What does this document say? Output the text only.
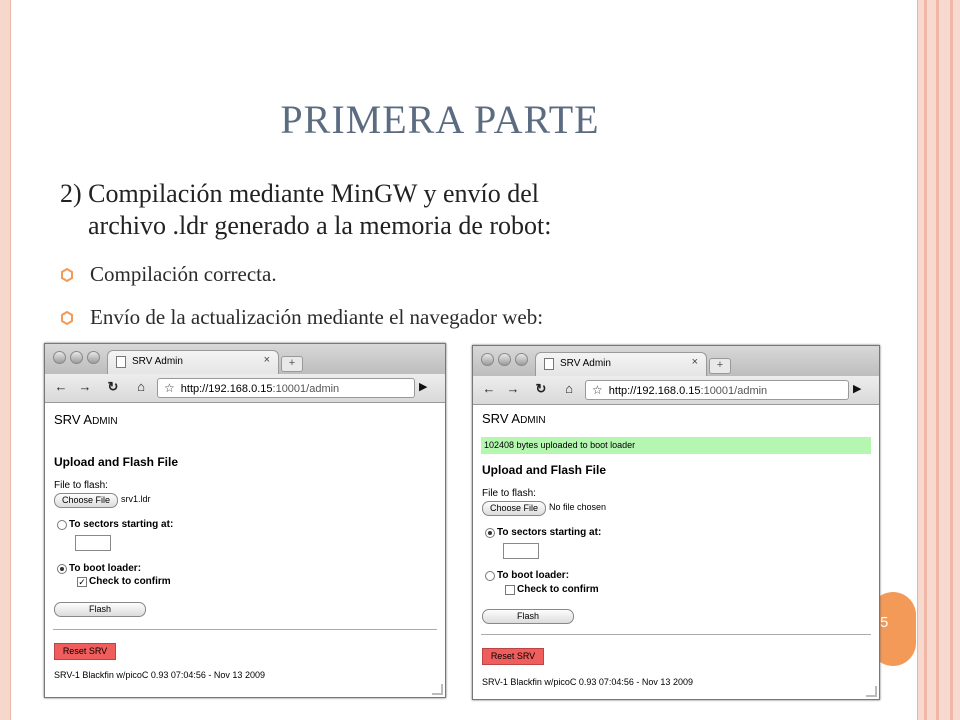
PRIMERA PARTE
2) Compilación mediante MinGW y envío del
archivo .ldr generado a la memoria de robot:
Compilación correcta.
Envío de la actualización mediante el navegador web:
5
SRV Admin	×	+
← →	↻	⌂	☆ http://192.168.0.15:10001/admin	▶
SRV ADMIN
Upload and Flash File
File to flash:
Choose File	srv1.ldr
To sectors starting at:
To boot loader:
✓ Check to confirm
Flash
Reset SRV
SRV-1 Blackfin w/picoC 0.93 07:04:56 - Nov 13 2009
SRV Admin	×	+
← →	↻	⌂	☆ http://192.168.0.15:10001/admin	▶
SRV ADMIN
102408 bytes uploaded to boot loader
Upload and Flash File
File to flash:
Choose File	No file chosen
To sectors starting at:
To boot loader:
Check to confirm
Flash
Reset SRV
SRV-1 Blackfin w/picoC 0.93 07:04:56 - Nov 13 2009
